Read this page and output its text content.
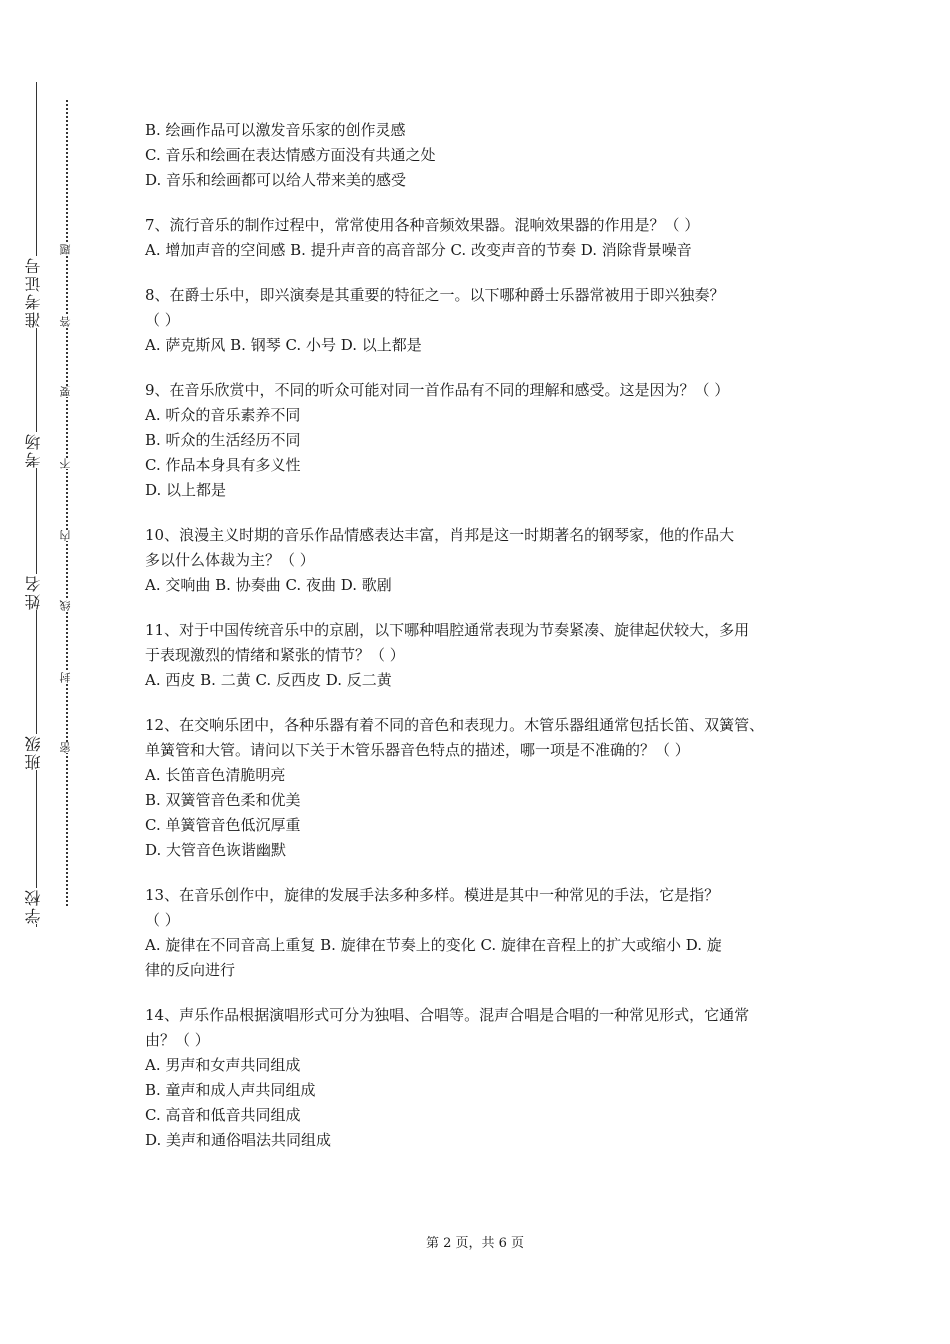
准考证号
考场
姓名
班级
学校
题
答
要
不
内
线
封
密

B. 绘画作品可以激发音乐家的创作灵感

C. 音乐和绘画在表达情感方面没有共通之处

D. 音乐和绘画都可以给人带来美的感受

7、流行音乐的制作过程中，常常使用各种音频效果器。混响效果器的作用是？（ ）

A. 增加声音的空间感 B. 提升声音的高音部分 C. 改变声音的节奏 D. 消除背景噪音

8、在爵士乐中，即兴演奏是其重要的特征之一。以下哪种爵士乐器常被用于即兴独奏？

（ ）

A. 萨克斯风 B. 钢琴 C. 小号 D. 以上都是

9、在音乐欣赏中，不同的听众可能对同一首作品有不同的理解和感受。这是因为？（ ）

A. 听众的音乐素养不同

B. 听众的生活经历不同

C. 作品本身具有多义性

D. 以上都是

10、浪漫主义时期的音乐作品情感表达丰富，肖邦是这一时期著名的钢琴家，他的作品大

多以什么体裁为主？（ ）

A. 交响曲 B. 协奏曲 C. 夜曲 D. 歌剧

11、对于中国传统音乐中的京剧，以下哪种唱腔通常表现为节奏紧凑、旋律起伏较大，多用

于表现激烈的情绪和紧张的情节？（ ）

A. 西皮 B. 二黄 C. 反西皮 D. 反二黄

12、在交响乐团中，各种乐器有着不同的音色和表现力。木管乐器组通常包括长笛、双簧管、

单簧管和大管。请问以下关于木管乐器音色特点的描述，哪一项是不准确的？（ ）

A. 长笛音色清脆明亮

B. 双簧管音色柔和优美

C. 单簧管音色低沉厚重

D. 大管音色诙谐幽默

13、在音乐创作中，旋律的发展手法多种多样。模进是其中一种常见的手法，它是指？

（ ）

A. 旋律在不同音高上重复 B. 旋律在节奏上的变化 C. 旋律在音程上的扩大或缩小 D. 旋

律的反向进行

14、声乐作品根据演唱形式可分为独唱、合唱等。混声合唱是合唱的一种常见形式，它通常

由？（ ）

A. 男声和女声共同组成

B. 童声和成人声共同组成

C. 高音和低音共同组成

D. 美声和通俗唱法共同组成

第 2 页，共 6 页
